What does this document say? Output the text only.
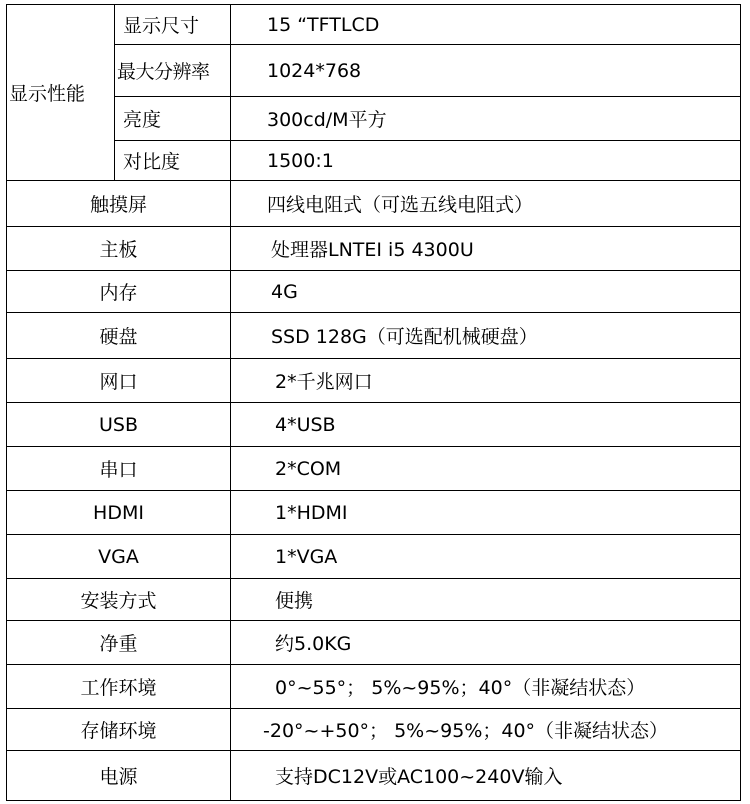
显示性能	显示尺寸	15 “TFTLCD
	最大分辨率	1024*768
	亮度	300cd/M平方
	对比度	1500:1
触摸屏		四线电阻式（可选五线电阻式）
主板		处理器LNTEI i5 4300U
内存		4G
硬盘		SSD 128G（可选配机械硬盘）
网口		2*千兆网口
USB		4*USB
串口		2*COM
HDMI		1*HDMI
VGA		1*VGA
安装方式		便携
净重		约5.0KG
工作环境		0°~55°； 5%~95%；40°（非凝结状态）
存储环境		-20°~+50°； 5%~95%；40°（非凝结状态）
电源		支持DC12V或AC100~240V输入
